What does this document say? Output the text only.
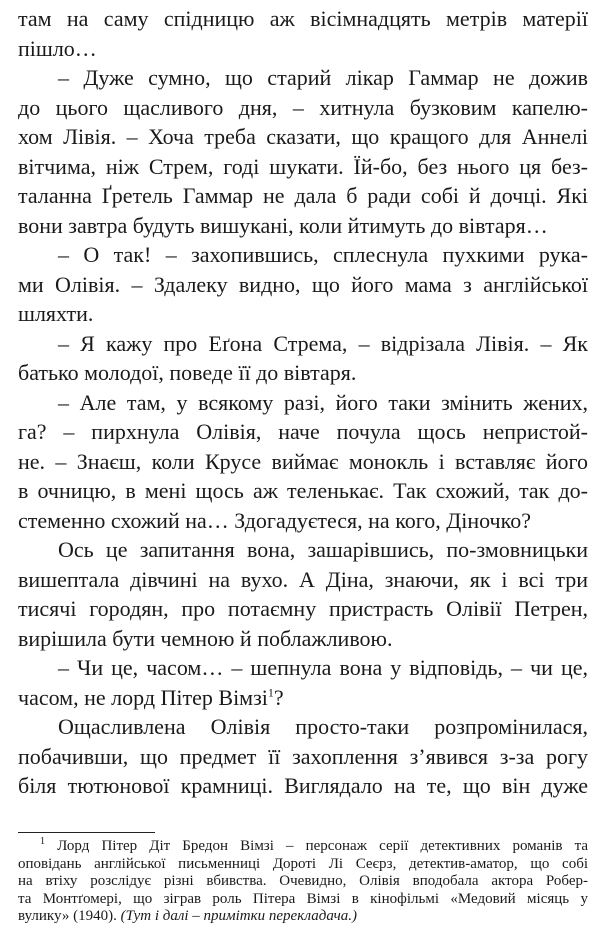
там на саму спідницю аж вісімнадцять метрів матерії
пішло…
– Дуже сумно, що старий лікар Гаммар не дожив
до цього щасливого дня, – хитнула бузковим капелю-
хом Лівія. – Хоча треба сказати, що кращого для Аннелі
вітчима, ніж Стрем, годі шукати. Їй-бо, без нього ця без-
таланна Ґретель Гаммар не дала б ради собі й дочці. Які
вони завтра будуть вишукані, коли йтимуть до вівтаря…
– О так! – захопившись, сплеснула пухкими рука-
ми Олівія. – Здалеку видно, що його мама з англійської
шляхти.
– Я кажу про Еґона Стрема, – відрізала Лівія. – Як
батько молодої, поведе її до вівтаря.
– Але там, у всякому разі, його таки змінить жених,
га? – пирхнула Олівія, наче почула щось непристой-
не. – Знаєш, коли Крусе виймає монокль і вставляє його
в очницю, в мені щось аж теленькає. Так схожий, так до-
стеменно схожий на… Здогадуєтеся, на кого, Діночко?
Ось це запитання вона, зашарівшись, по-змовницьки
вишептала дівчині на вухо. А Діна, знаючи, як і всі три
тисячі городян, про потаємну пристрасть Олівії Петрен,
вирішила бути чемною й поблажливою.
– Чи це, часом… – шепнула вона у відповідь, – чи це,
часом, не лорд Пітер Вімзі$^1$?
Ощасливлена Олівія просто-таки розпромінилася,
побачивши, що предмет її захоплення з’явився з-за рогу
біля тютюнової крамниці. Виглядало на те, що він дуже
$^1$ Лорд Пітер Діт Бредон Вімзі – персонаж серії детективних романів та
оповідань англійської письменниці Дороті Лі Сеєрз, детектив-аматор, що собі
на втіху розслідує різні вбивства. Очевидно, Олівія вподобала актора Робер-
та Монтґомері, що зіграв роль Пітера Вімзі в кінофільмі «Медовий місяць у
вулику» (1940). (Тут і далі – примітки перекладача.)
